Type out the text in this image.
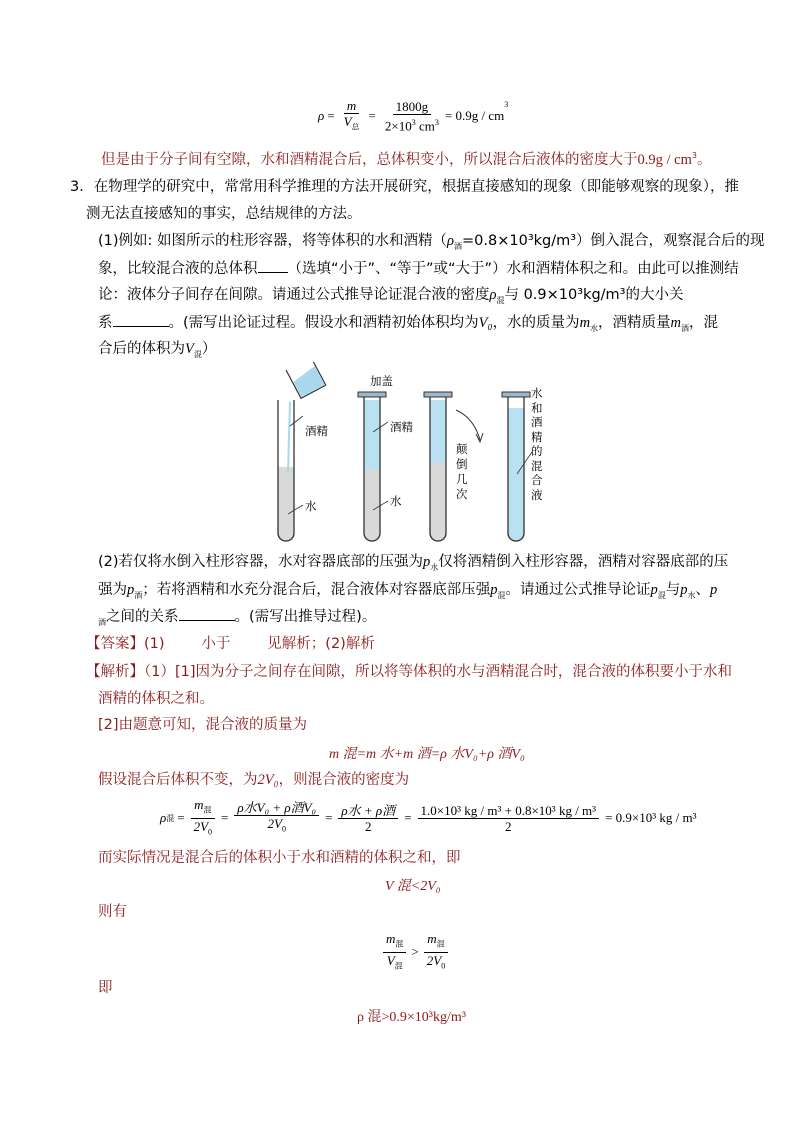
$\rho = \frac{m}{V_总} = \frac{1800g}{2\times 10^3 cm^3} = 0.9g$ / cm
$^3$
但是由于分子间有空隙，水和酒精混合后，总体积变小，所以混合后液体的密度大于$0.9g / cm^3$。
3．在物理学的研究中，常常用科学推理的方法开展研究，根据直接感知的现象（即能够观察的现象），推
测无法直接感知的事实，总结规律的方法。
(1)例如: 如图所示的柱形容器，将等体积的水和酒精$(\rho_酒=0.8\times 10^3kg/m^3)$倒入混合，观察混合后的现
象，比较混合液的总体积 （选填“小于”、“等于”或“大于”）水和酒精体积之和。由此可以推测结
论：液体分子间存在间隙。请通过公式推导论证混合液的密度$\rho_混$与 0.9×10³kg/m³的大小关
系	。(需写出论证过程。假设水和酒精初始体积均为V₀，水的质量为$m_水$，酒精质量$m_酒$，混
合后的体积为$V_混$）
加盖
酒精
水
酒精
水
颠
倒
几
次
水
和
酒
精
的
混
合
液
(2)若仅将水倒入柱形容器，水对容器底部的压强为$p_水$仅将酒精倒入柱形容器，酒精对容器底部的压
强为$p_酒$；若将酒精和水充分混合后，混合液体对容器底部压强$p_混$。请通过公式推导论证$p_混$与$p_水$、p
$_酒$之间的关系	。(需写出推导过程)。
【答案】(1)        小于        见解析；(2)解析
【解析】（1）[1]因为分子之间存在间隙，所以将等体积的水与酒精混合时，混合液的体积要小于水和
酒精的体积之和。
[2]由题意可知，混合液的质量为
m 混=m 水+m 酒=ρ 水V₀+ρ 酒V₀
假设混合后体积不变，为2V₀，则混合液的密度为
ρ 混 = $\frac{m_混}{2V_0} = \frac{\text{ρ水V₀ + ρ酒V₀}}{2V_0} = \frac{\text{ρ水 + ρ酒}}{2} = \frac{\text{1.0×10³ kg / m³ + 0.8×10³ kg / m³}}{2} = 0.9\times 10^3$ kg / m³
而实际情况是混合后的体积小于水和酒精的体积之和，即
V 混<2V₀
则有
$\frac{m_混}{V_混} > \frac{m_混}{2V_0}$
即
ρ 混>0.9×10³kg/m³
